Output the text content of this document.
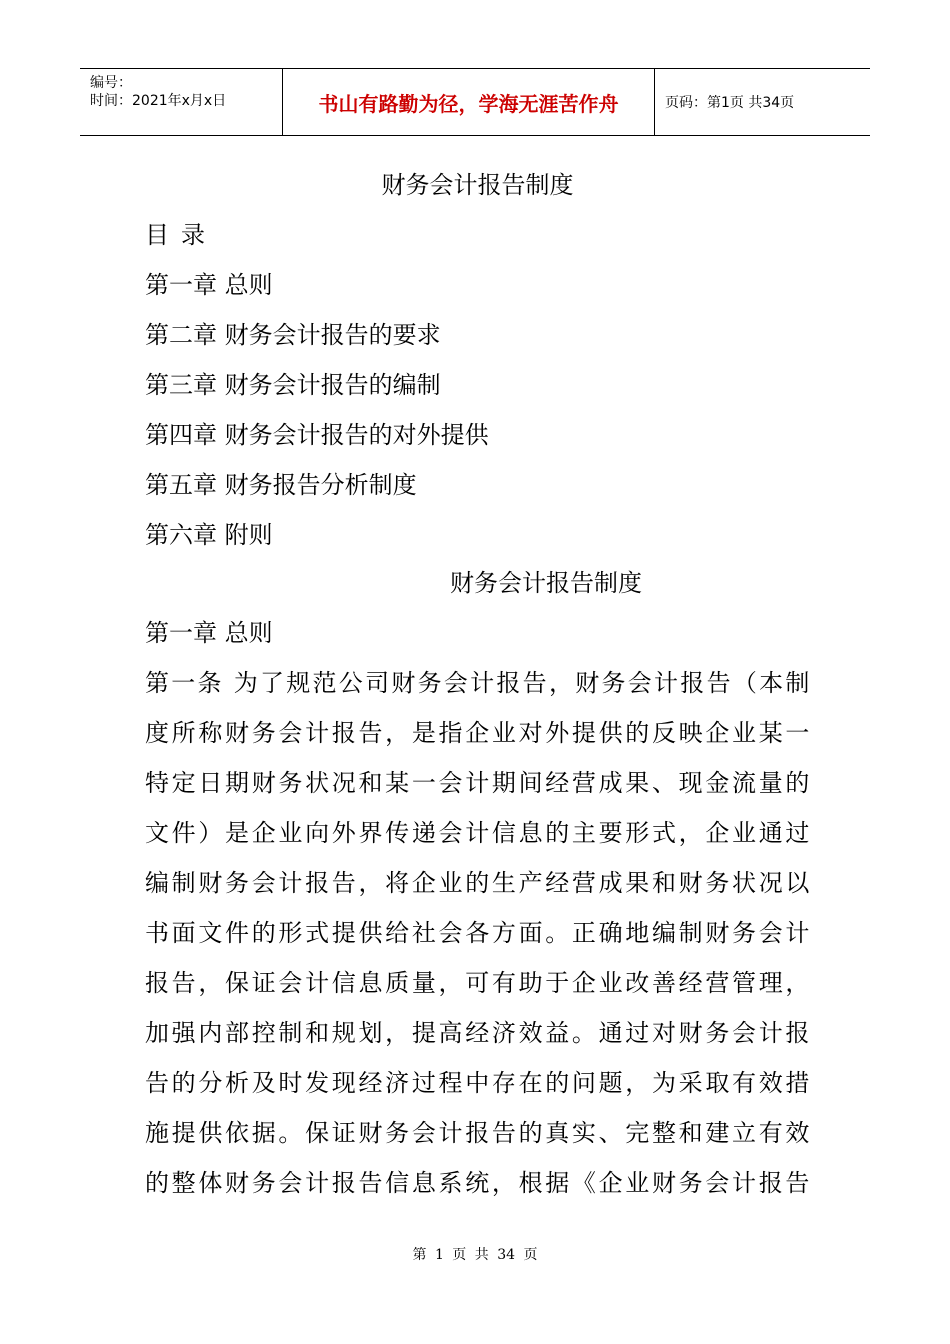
编号：
时间：2021年x月x日	书山有路勤为径，学海无涯苦作舟	页码：第1页 共34页
财务会计报告制度
目录
第一章 总则
第二章 财务会计报告的要求
第三章 财务会计报告的编制
第四章 财务会计报告的对外提供
第五章 财务报告分析制度
第六章 附则
财务会计报告制度
第一章 总则
第一条 为了规范公司财务会计报告，财务会计报告（本制
度所称财务会计报告，是指企业对外提供的反映企业某一
特定日期财务状况和某一会计期间经营成果、现金流量的
文件）是企业向外界传递会计信息的主要形式，企业通过
编制财务会计报告，将企业的生产经营成果和财务状况以
书面文件的形式提供给社会各方面。正确地编制财务会计
报告，保证会计信息质量，可有助于企业改善经营管理，
加强内部控制和规划，提高经济效益。通过对财务会计报
告的分析及时发现经济过程中存在的问题，为采取有效措
施提供依据。保证财务会计报告的真实、完整和建立有效
的整体财务会计报告信息系统，根据《企业财务会计报告
第 1 页 共 34 页
